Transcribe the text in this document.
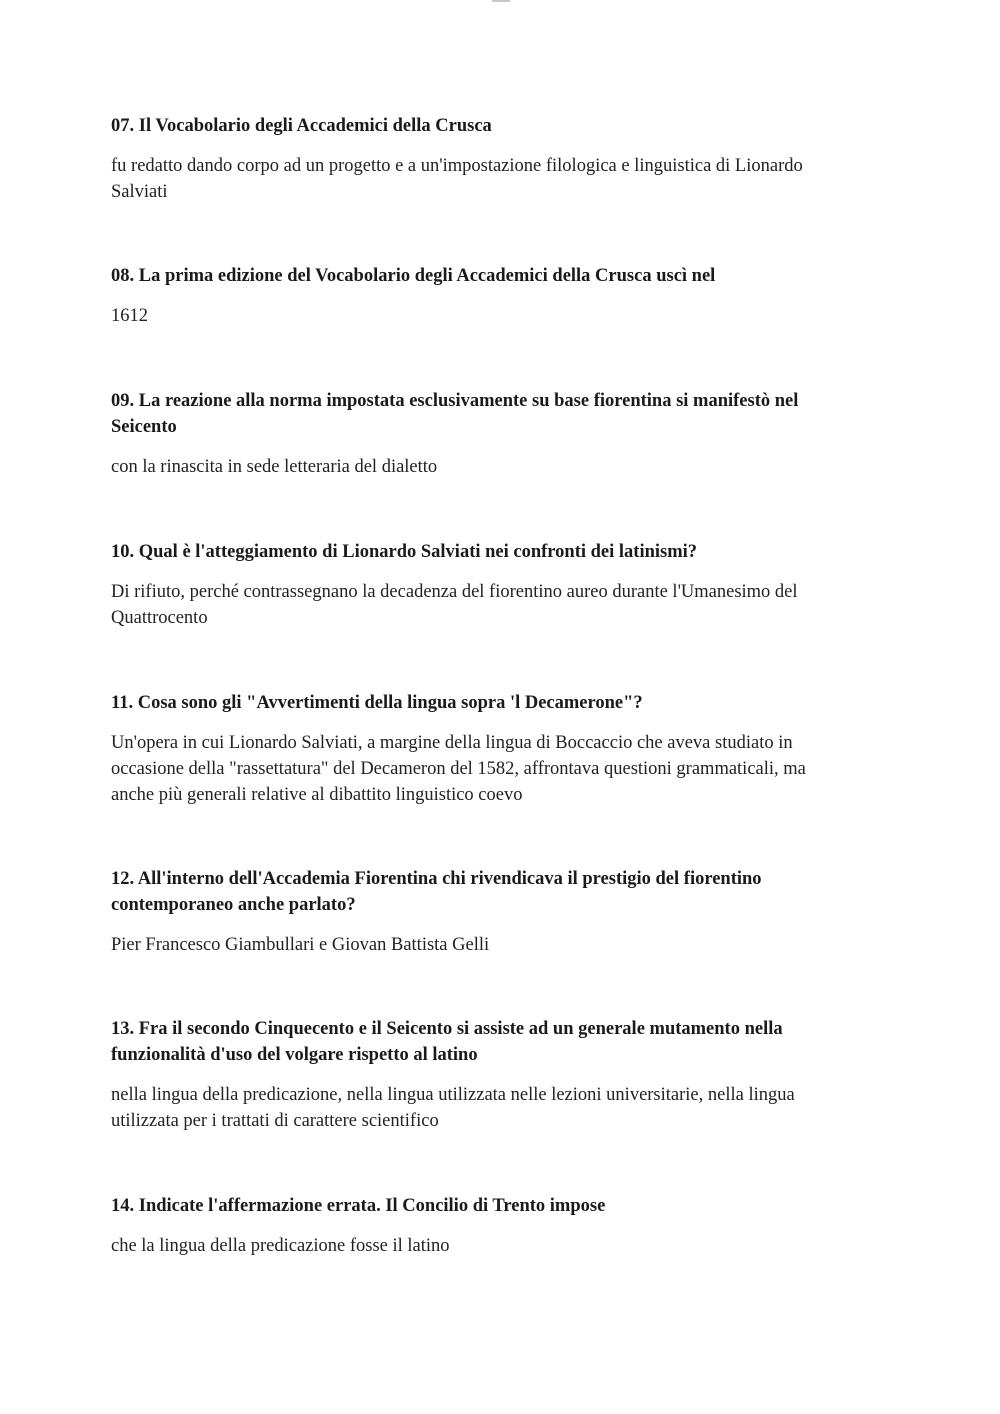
07. Il Vocabolario degli Accademici della Crusca

fu redatto dando corpo ad un progetto e a un'impostazione filologica e linguistica di Lionardo Salviati

08. La prima edizione del Vocabolario degli Accademici della Crusca uscì nel

1612

09. La reazione alla norma impostata esclusivamente su base fiorentina si manifestò nel Seicento

con la rinascita in sede letteraria del dialetto

10. Qual è l'atteggiamento di Lionardo Salviati nei confronti dei latinismi?

Di rifiuto, perché contrassegnano la decadenza del fiorentino aureo durante l'Umanesimo del Quattrocento

11. Cosa sono gli "Avvertimenti della lingua sopra 'l Decamerone"?

Un'opera in cui Lionardo Salviati, a margine della lingua di Boccaccio che aveva studiato in occasione della "rassettatura" del Decameron del 1582, affrontava questioni grammaticali, ma anche più generali relative al dibattito linguistico coevo

12. All'interno dell'Accademia Fiorentina chi rivendicava il prestigio del fiorentino contemporaneo anche parlato?

Pier Francesco Giambullari e Giovan Battista Gelli

13. Fra il secondo Cinquecento e il Seicento si assiste ad un generale mutamento nella funzionalità d'uso del volgare rispetto al latino

nella lingua della predicazione, nella lingua utilizzata nelle lezioni universitarie, nella lingua utilizzata per i trattati di carattere scientifico

14. Indicate l'affermazione errata. Il Concilio di Trento impose

che la lingua della predicazione fosse il latino
